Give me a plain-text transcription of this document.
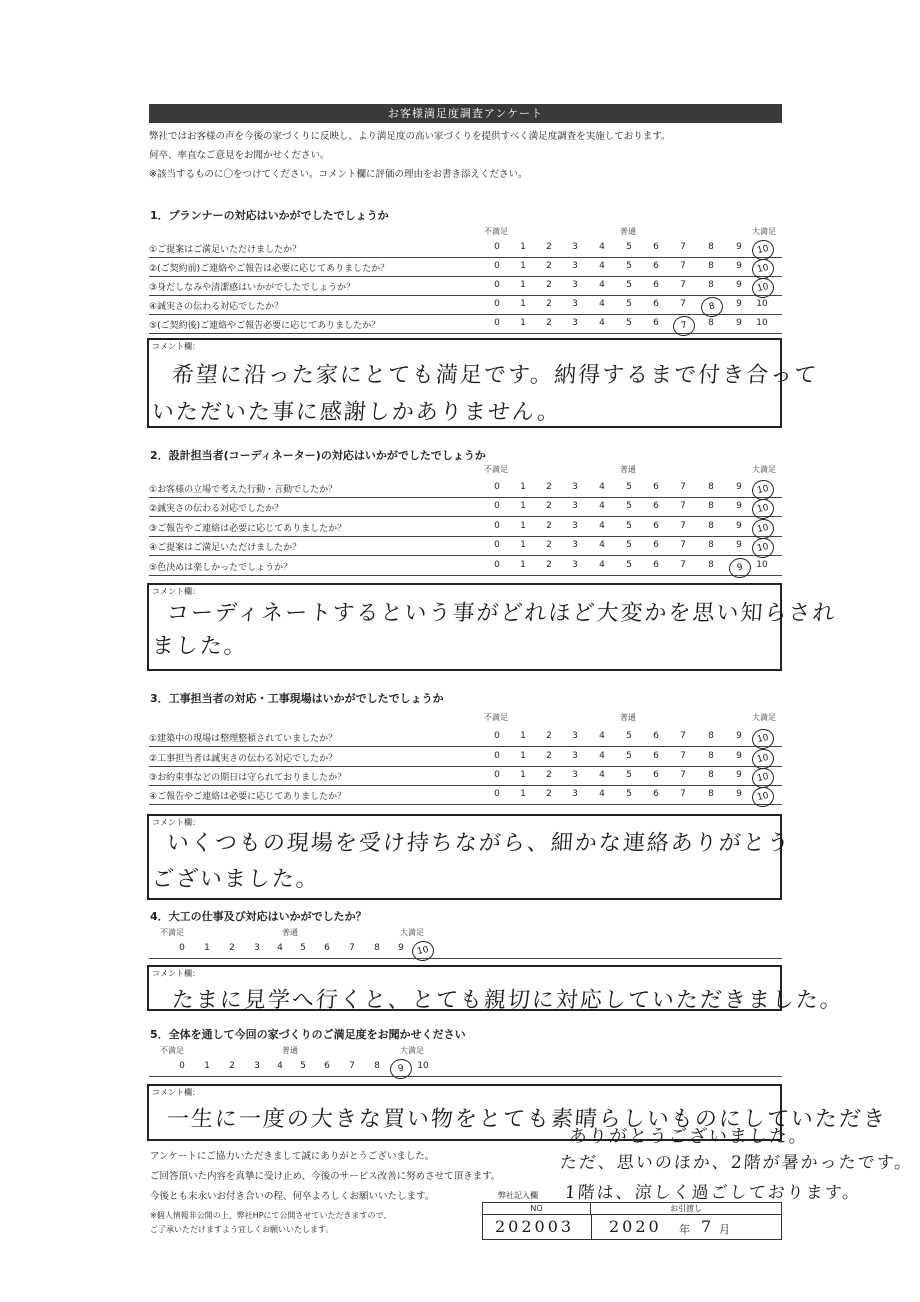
お客様満足度調査アンケート
弊社ではお客様の声を今後の家づくりに反映し、より満足度の高い家づくりを提供すべく満足度調査を実施しております。
何卒、率直なご意見をお聞かせください。
※該当するものに〇をつけてください。コメント欄に評価の理由をお書き添えください。
1．プランナーの対応はいかがでしたでしょうか
不満足	普通	大満足
①ご提案はご満足いただけましたか？	0	1	2	3	4	5	6	7	8	9	10
②(ご契約前)ご連絡やご報告は必要に応じてありましたか？	0	1	2	3	4	5	6	7	8	9	10
③身だしなみや清潔感はいかがでしたでしょうか？	0	1	2	3	4	5	6	7	8	9	10
④誠実さの伝わる対応でしたか？	0	1	2	3	4	5	6	7	8	9	10
⑤(ご契約後)ご連絡やご報告必要に応じてありましたか？	0	1	2	3	4	5	6	7	8	9	10
コメント欄：
希望に沿った家にとても満足です。納得するまで付き合って
いただいた事に感謝しかありません。
2．設計担当者(コーディネーター)の対応はいかがでしたでしょうか
不満足	普通	大満足
①お客様の立場で考えた行動・言動でしたか？	0	1	2	3	4	5	6	7	8	9	10
②誠実さの伝わる対応でしたか？	0	1	2	3	4	5	6	7	8	9	10
③ご報告やご連絡は必要に応じてありましたか？	0	1	2	3	4	5	6	7	8	9	10
④ご提案はご満足いただけましたか？	0	1	2	3	4	5	6	7	8	9	10
⑤色決めは楽しかったでしょうか？	0	1	2	3	4	5	6	7	8	9	10
コメント欄：
コーディネートするという事がどれほど大変かを思い知らされ
ました。
3．工事担当者の対応・工事現場はいかがでしたでしょうか
不満足	普通	大満足
①建築中の現場は整理整頓されていましたか？	0	1	2	3	4	5	6	7	8	9	10
②工事担当者は誠実さの伝わる対応でしたか？	0	1	2	3	4	5	6	7	8	9	10
③お約束事などの期日は守られておりましたか？	0	1	2	3	4	5	6	7	8	9	10
④ご報告やご連絡は必要に応じてありましたか？	0	1	2	3	4	5	6	7	8	9	10
コメント欄：
いくつもの現場を受け持ちながら、細かな連絡ありがとう
ございました。
4．大工の仕事及び対応はいかがでしたか？
不満足	普通	大満足
0	1	2	3	4	5	6	7	8	9	10
コメント欄：
たまに見学へ行くと、とても親切に対応していただきました。
5．全体を通して今回の家づくりのご満足度をお聞かせください
不満足	普通	大満足
0	1	2	3	4	5	6	7	8	9	10
コメント欄：
一生に一度の大きな買い物をとても素晴らしいものにしていただき
ありがとうございました。
ただ、思いのほか、2階が暑かったです。
1階は、涼しく過ごしております。
アンケートにご協力いただきまして誠にありがとうございました。
ご回答頂いた内容を真摯に受け止め、今後のサービス改善に努めさせて頂きます。
今後とも末永いお付き合いの程、何卒よろしくお願いいたします。
※個人情報非公開の上、弊社HPにて公開させていただきますので、
ご了承いただけますよう宜しくお願いいたします。
弊社記入欄
NO	お引渡し
202003 2020 年 7 月
